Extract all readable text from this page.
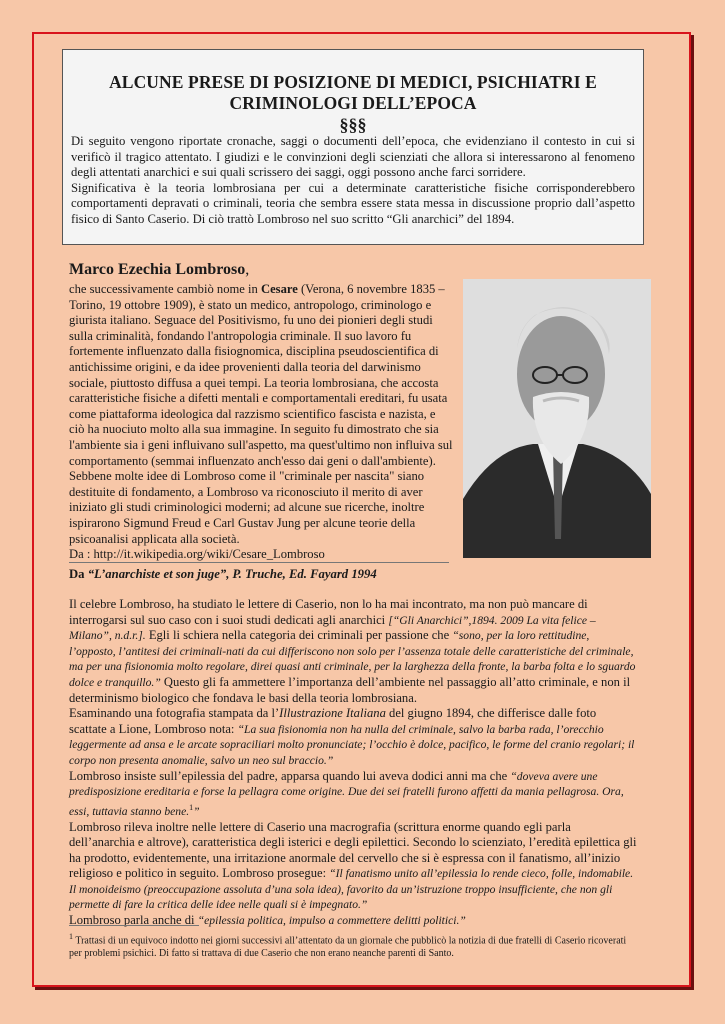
ALCUNE PRESE DI POSIZIONE DI MEDICI, PSICHIATRI E
CRIMINOLOGI DELL’EPOCA
§§§

Di seguito vengono riportate cronache, saggi o documenti dell’epoca, che evidenziano il contesto in cui si verificò il tragico attentato. I giudizi e le convinzioni degli scienziati che allora si interessarono al fenomeno degli attentati anarchici e sui quali scrissero dei saggi, oggi possono anche farci sorridere.

Significativa è la teoria lombrosiana per cui a determinate caratteristiche fisiche corrisponderebbero comportamenti depravati o criminali, teoria che sembra essere stata messa in discussione proprio dall’aspetto fisico di Santo Caserio. Di ciò trattò Lombroso nel suo scritto “Gli anarchici” del 1894.

Marco Ezechia Lombroso,

che successivamente cambiò nome in Cesare (Verona, 6 novembre 1835 – Torino, 19 ottobre 1909), è stato un medico, antropologo, criminologo e giurista italiano. Seguace del Positivismo, fu uno dei pionieri degli studi sulla criminalità, fondando l'antropologia criminale. Il suo lavoro fu fortemente influenzato dalla fisiognomica, disciplina pseudoscientifica di antichissime origini, e da idee provenienti dalla teoria del darwinismo sociale, piuttosto diffusa a quei tempi. La teoria lombrosiana, che accosta caratteristiche fisiche a difetti mentali e comportamentali ereditari, fu usata come piattaforma ideologica dal razzismo scientifico fascista e nazista, e ciò ha nuociuto molto alla sua immagine. In seguito fu dimostrato che sia l'ambiente sia i geni influivano sull'aspetto, ma quest'ultimo non influiva sul comportamento (semmai influenzato anch'esso dai geni o dall'ambiente). Sebbene molte idee di Lombroso come il "criminale per nascita" siano destituite di fondamento, a Lombroso va riconosciuto il merito di aver iniziato gli studi criminologici moderni; ad alcune sue ricerche, inoltre ispirarono Sigmund Freud e Carl Gustav Jung per alcune teorie della psicoanalisi applicata alla società.
Da : http://it.wikipedia.org/wiki/Cesare_Lombroso

Da “L’anarchiste et son juge”, P. Truche, Ed. Fayard 1994

Il celebre Lombroso, ha studiato le lettere di Caserio, non lo ha mai incontrato, ma non può mancare di interrogarsi sul suo caso con i suoi studi dedicati agli anarchici [“Gli Anarchici”,1894. 2009 La vita felice – Milano”, n.d.r.]. Egli li schiera nella categoria dei criminali per passione che “sono, per la loro rettitudine, l’opposto, l’antitesi dei criminali-nati da cui differiscono non solo per l’assenza totale delle caratteristiche del criminale, ma per una fisionomia molto regolare, direi quasi anti criminale, per la larghezza della fronte, la barba folta e lo sguardo dolce e tranquillo.” Questo gli fa ammettere l’importanza dell’ambiente nel passaggio all’atto criminale, e non il determinismo biologico che fondava le basi della teoria lombrosiana.

Esaminando una fotografia stampata da l’Illustrazione Italiana del giugno 1894, che differisce dalle foto scattate a Lione, Lombroso nota: “La sua fisionomia non ha nulla del criminale, salvo la barba rada, l’orecchio leggermente ad ansa e le arcate sopraciliari molto pronunciate; l’occhio è dolce, pacifico, le forme del cranio regolari; il corpo non presenta anomalie, salvo un neo sul braccio.”

Lombroso insiste sull’epilessia del padre, apparsa quando lui aveva dodici anni ma che “doveva avere une predisposizione ereditaria e forse la pellagra come origine. Due dei sei fratelli furono affetti da mania pellagrosa. Ora, essi, tuttavia stanno bene.$^1$”

Lombroso rileva inoltre nelle lettere di Caserio una macrografia (scrittura enorme quando egli parla dell’anarchia e altrove), caratteristica degli isterici e degli epilettici. Secondo lo scienziato, l’eredità epilettica gli ha prodotto, evidentemente, una irritazione anormale del cervello che si è espressa con il fanatismo, all’inizio religioso e politico in seguito. Lombroso prosegue: “Il fanatismo unito all’epilessia lo rende cieco, folle, indomabile. Il monoideismo (preoccupazione assoluta d’una sola idea), favorito da un’istruzione troppo insufficiente, che non gli permette di fare la critica delle idee nelle quali si è impegnato.”

Lombroso parla anche di “epilessia politica, impulso a commettere delitti politici.”

$^1$ Trattasi di un equivoco indotto nei giorni successivi all’attentato da un giornale che pubblicò la notizia di due fratelli di Caserio ricoverati per problemi psichici. Di fatto si trattava di due Caserio che non erano neanche parenti di Santo.
